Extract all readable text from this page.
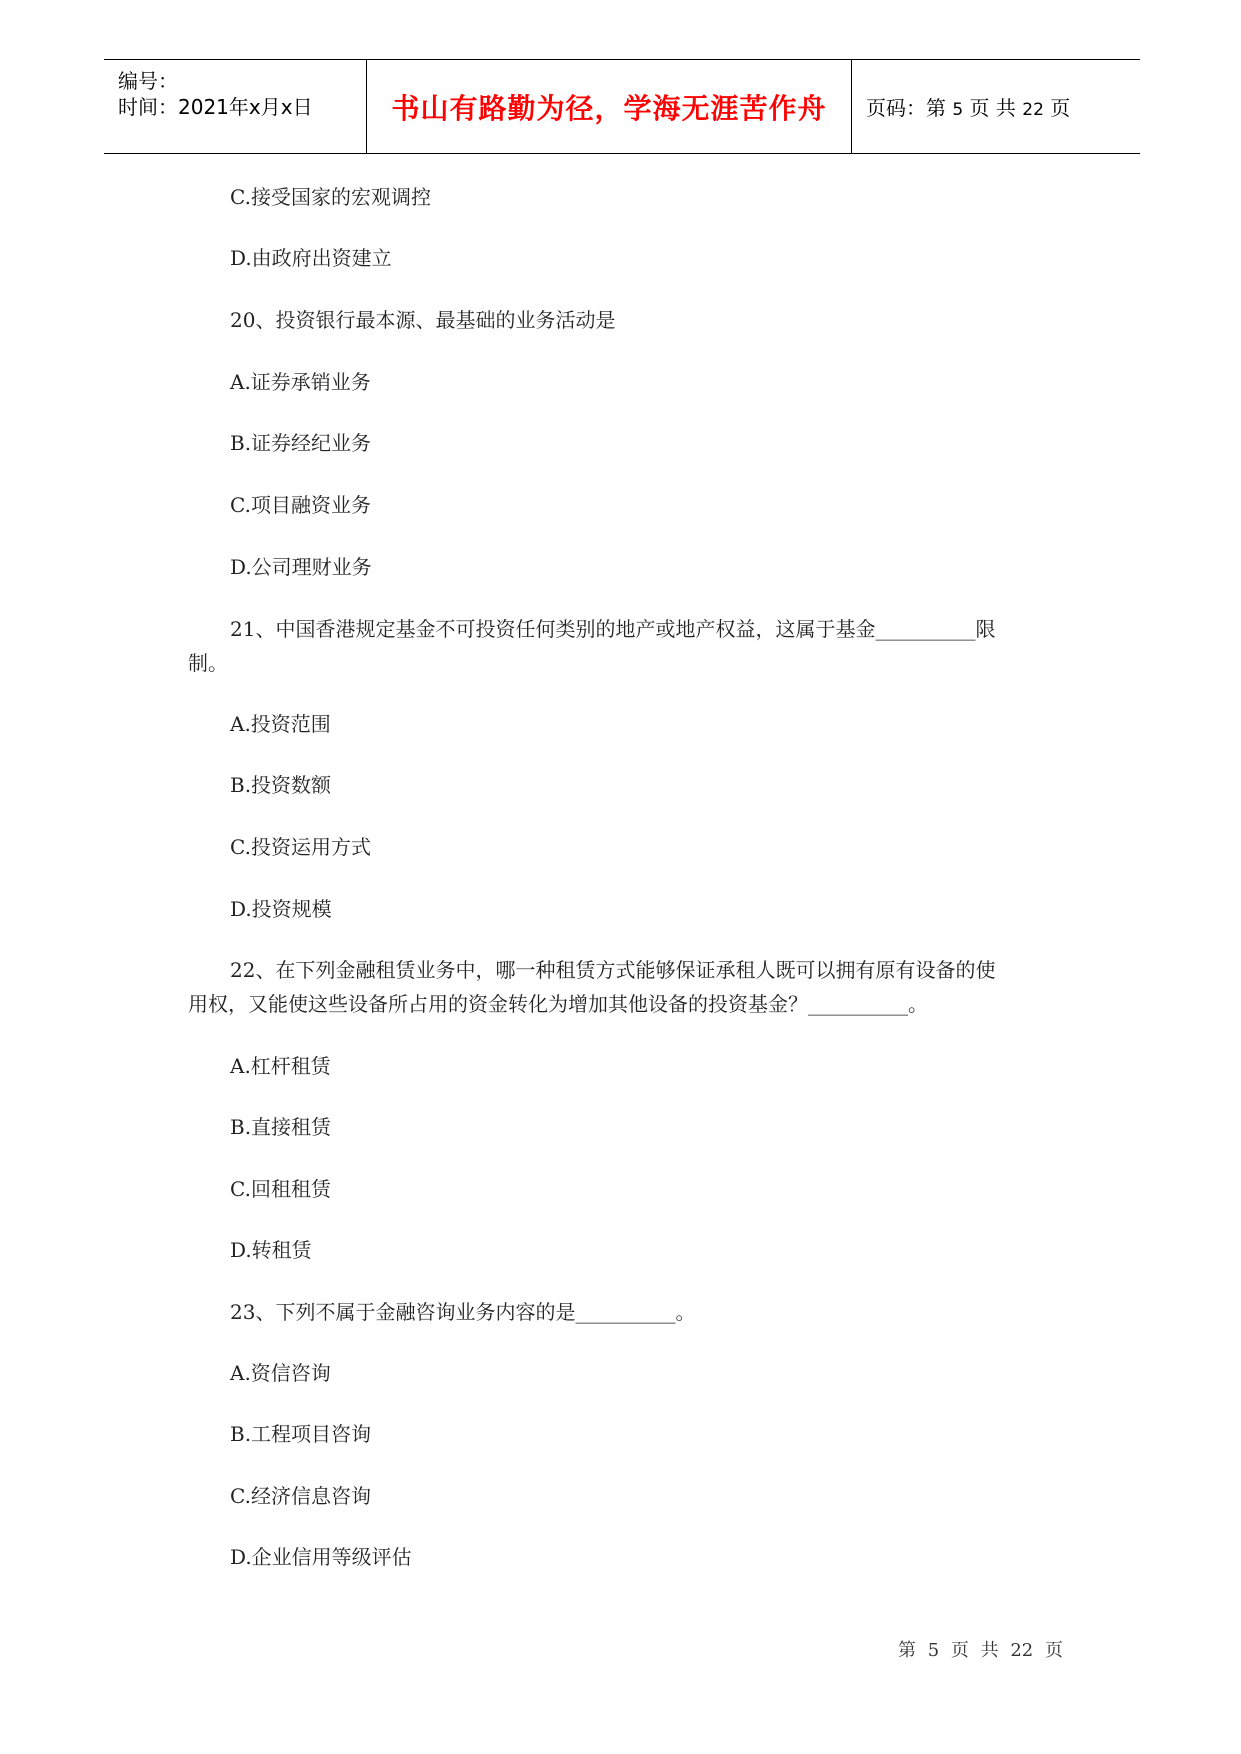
编号：
时间：2021年x月x日	书山有路勤为径，学海无涯苦作舟 页码：第 5 页 共 22 页
C.接受国家的宏观调控
D.由政府出资建立
20、投资银行最本源、最基础的业务活动是
A.证券承销业务
B.证券经纪业务
C.项目融资业务
D.公司理财业务
21、中国香港规定基金不可投资任何类别的地产或地产权益，这属于基金__________限
制。
A.投资范围
B.投资数额
C.投资运用方式
D.投资规模
22、在下列金融租赁业务中，哪一种租赁方式能够保证承租人既可以拥有原有设备的使
用权，又能使这些设备所占用的资金转化为增加其他设备的投资基金？__________。
A.杠杆租赁
B.直接租赁
C.回租租赁
D.转租赁
23、下列不属于金融咨询业务内容的是__________。
A.资信咨询
B.工程项目咨询
C.经济信息咨询
D.企业信用等级评估
第 5 页 共 22 页
